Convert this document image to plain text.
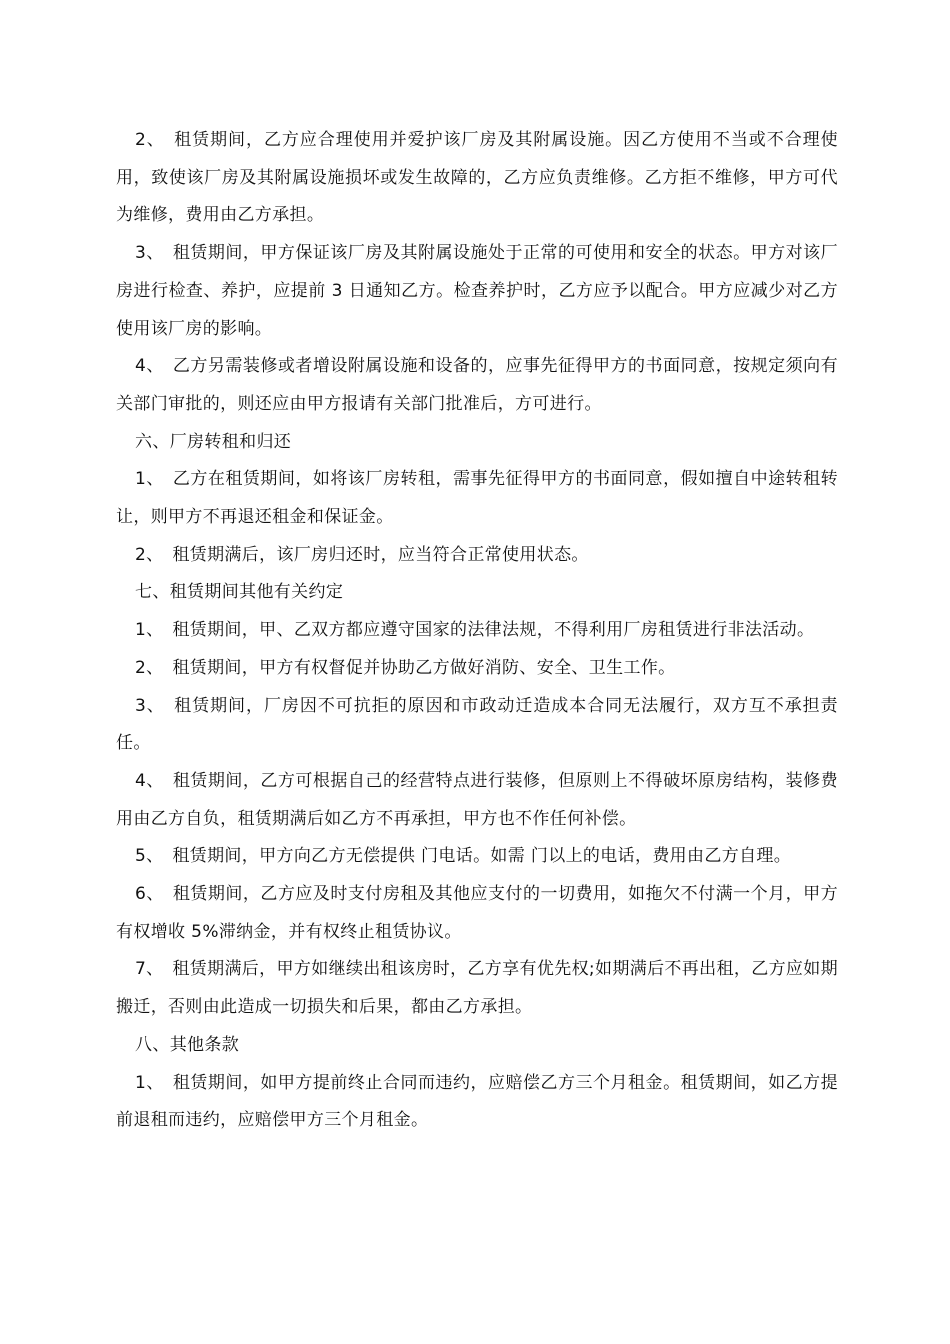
2、　租赁期间，乙方应合理使用并爱护该厂房及其附属设施。因乙方使用不当或不合理使用，致使该厂房及其附属设施损坏或发生故障的，乙方应负责维修。乙方拒不维修，甲方可代为维修，费用由乙方承担。

3、　租赁期间，甲方保证该厂房及其附属设施处于正常的可使用和安全的状态。甲方对该厂房进行检查、养护，应提前 3 日通知乙方。检查养护时，乙方应予以配合。甲方应减少对乙方使用该厂房的影响。

4、　乙方另需装修或者增设附属设施和设备的，应事先征得甲方的书面同意，按规定须向有关部门审批的，则还应由甲方报请有关部门批准后，方可进行。

六、厂房转租和归还

1、　乙方在租赁期间，如将该厂房转租，需事先征得甲方的书面同意，假如擅自中途转租转让，则甲方不再退还租金和保证金。

2、　租赁期满后，该厂房归还时，应当符合正常使用状态。

七、租赁期间其他有关约定

1、　租赁期间，甲、乙双方都应遵守国家的法律法规，不得利用厂房租赁进行非法活动。

2、　租赁期间，甲方有权督促并协助乙方做好消防、安全、卫生工作。

3、　租赁期间，厂房因不可抗拒的原因和市政动迁造成本合同无法履行，双方互不承担责任。

4、　租赁期间，乙方可根据自己的经营特点进行装修，但原则上不得破坏原房结构，装修费用由乙方自负，租赁期满后如乙方不再承担，甲方也不作任何补偿。

5、　租赁期间，甲方向乙方无偿提供 门电话。如需 门以上的电话，费用由乙方自理。

6、　租赁期间，乙方应及时支付房租及其他应支付的一切费用，如拖欠不付满一个月，甲方有权增收 5%滞纳金，并有权终止租赁协议。

7、　租赁期满后，甲方如继续出租该房时，乙方享有优先权;如期满后不再出租，乙方应如期搬迁，否则由此造成一切损失和后果，都由乙方承担。

八、其他条款

1、　租赁期间，如甲方提前终止合同而违约，应赔偿乙方三个月租金。租赁期间，如乙方提前退租而违约，应赔偿甲方三个月租金。
